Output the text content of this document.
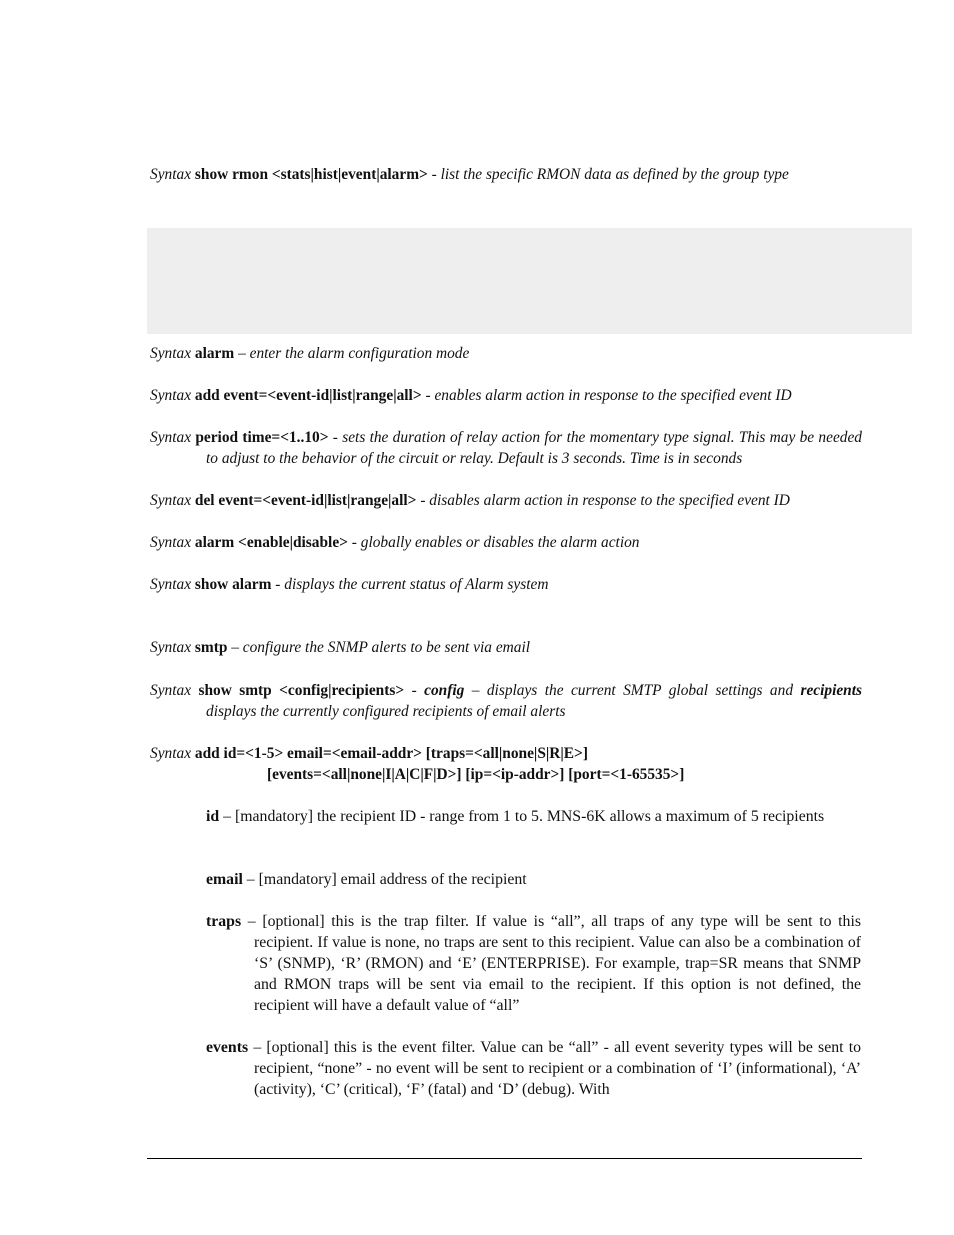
Syntax show rmon <stats|hist|event|alarm> - list the specific RMON data as defined by the group type

Syntax alarm – enter the alarm configuration mode

Syntax add event=<event-id|list|range|all> - enables alarm action in response to the specified event ID

Syntax period time=<1..10> - sets the duration of relay action for the momentary type signal. This may be needed to adjust to the behavior of the circuit or relay. Default is 3 seconds. Time is in seconds

Syntax del event=<event-id|list|range|all> - disables alarm action in response to the specified event ID

Syntax alarm <enable|disable> - globally enables or disables the alarm action

Syntax show alarm - displays the current status of Alarm system

Syntax smtp – configure the SNMP alerts to be sent via email

Syntax show smtp <config|recipients> - config – displays the current SMTP global settings and recipients displays the currently configured recipients of email alerts

Syntax add id=<1-5> email=<email-addr> [traps=<all|none|S|R|E>]

[events=<all|none|I|A|C|F|D>] [ip=<ip-addr>] [port=<1-65535>]

id – [mandatory] the recipient ID - range from 1 to 5. MNS-6K allows a maximum of 5 recipients

email – [mandatory] email address of the recipient

traps – [optional] this is the trap filter. If value is “all”, all traps of any type will be sent to this recipient. If value is none, no traps are sent to this recipient. Value can also be a combination of ‘S’ (SNMP), ‘R’ (RMON) and ‘E’ (ENTERPRISE). For example, trap=SR means that SNMP and RMON traps will be sent via email to the recipient. If this option is not defined, the recipient will have a default value of “all”

events – [optional] this is the event filter. Value can be “all” - all event severity types will be sent to recipient, “none” - no event will be sent to recipient or a combination of ‘I’ (informational), ‘A’ (activity), ‘C’ (critical), ‘F’ (fatal) and ‘D’ (debug). With
